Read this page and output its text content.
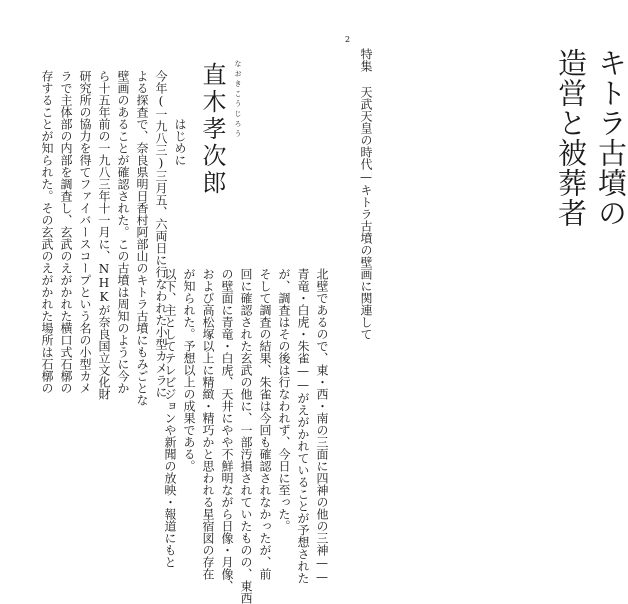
2
特集 天武天皇の時代—キトラ古墳の壁画に関連して	キトラ古墳の
造営と被葬者
なおきこうじろう
直木孝次郎
はじめに
今年(一九八三)三月五、六両日に行なわれた小型カメラに
よる探査で、奈良県明日香村阿部山のキトラ古墳にもみごとな
壁画のあることが確認された。この古墳は周知のように今か
ら十五年前の一九八三年十一月に、NHKが奈良国立文化財
研究所の協力を得てファイバースコープという名の小型カメ
ラで主体部の内部を調査し、玄武のえがかれた横口式石槨の
存することが知られた。その玄武のえがかれた場所は石槨の
北壁であるので、東・西・南の三面に四神の他の三神——
青竜・白虎・朱雀——がえがかれていることが予想された
が、調査はその後は行なわれず、今日に至った。
そして調査の結果、朱雀は今回も確認されなかったが、前
回に確認された玄武の他に、一部汚損されていたものの、東西
の壁面に青竜・白虎、天井にやや不鮮明ながら日像・月像、
および高松塚以上に精緻・精巧かと思われる星宿図の存在
が知られた。予想以上の成果である。
以下、主としてテレビジョンや新聞の放映・報道にもと
